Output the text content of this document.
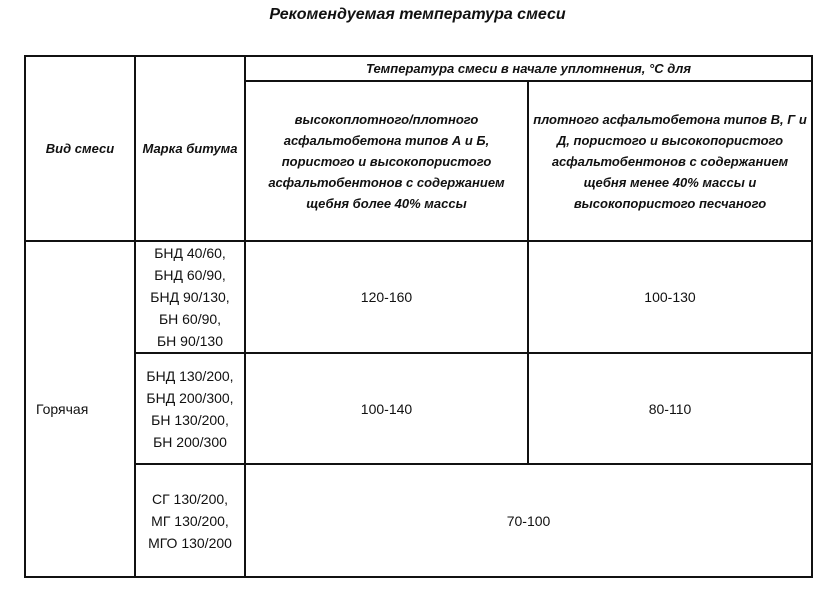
Рекомендуемая температура смеси
Вид смеси	Марка битума	Температура смеси в начале уплотнения, °С для	
		высокоплотного/плотного асфальтобетона типов А и Б, пористого и высокопористого асфальтобентонов с содержанием щебня более 40% массы	плотного асфальтобетона типов В, Г и Д, пористого и высокопористого асфальтобентонов с содержанием щебня менее 40% массы и высокопористого песчаного
Горячая	БНД 40/60,
БНД 60/90,
БНД 90/130,
БН 60/90,
БН 90/130	120-160	100-130

	БНД 130/200,
БНД 200/300,
БН 130/200,
БН 200/300	100-140	80-110

	СГ 130/200,
МГ 130/200,
МГО 130/200	70-100	
